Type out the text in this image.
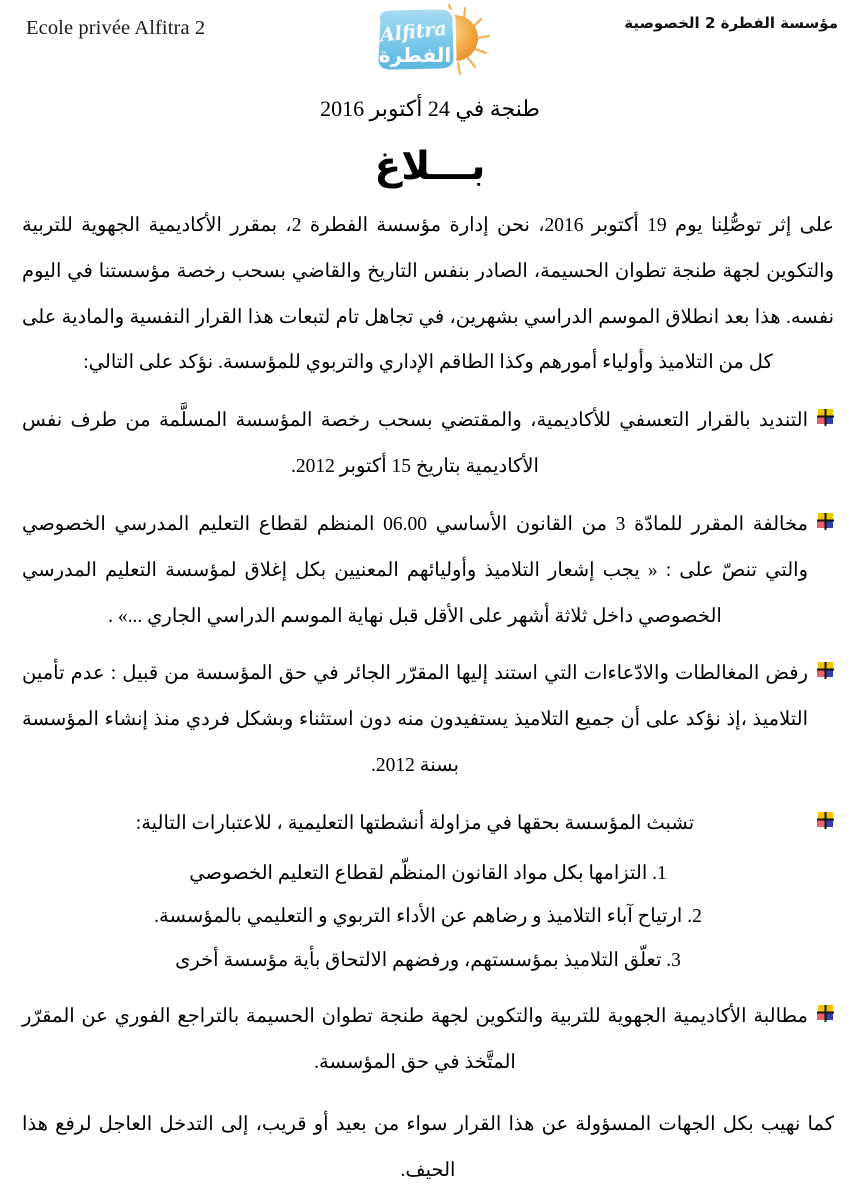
Ecole privée Alfitra 2	Alfitra
الفطرة
مؤسسة الفطرة 2 الخصوصية
طنجة في 24 أكتوبر 2016
بـــلاغ

على إثر توصُّلِنا يوم 19 أكتوبر 2016، نحن إدارة مؤسسة الفطرة 2، بمقرر الأكاديمية الجهوية للتربية والتكوين لجهة طنجة تطوان الحسيمة، الصادر بنفس التاريخ والقاضي بسحب رخصة مؤسستنا في اليوم نفسه. هذا بعد انطلاق الموسم الدراسي بشهرين، في تجاهل تام لتبعات هذا القرار النفسية والمادية على كل من التلاميذ وأولياء أمورهم وكذا الطاقم الإداري والتربوي للمؤسسة. نؤكد على التالي:

التنديد بالقرار التعسفي للأكاديمية، والمقتضي بسحب رخصة المؤسسة المسلَّمة من طرف نفس الأكاديمية بتاريخ 15 أكتوبر 2012.
مخالفة المقرر للمادّة 3 من القانون الأساسي 06.00 المنظم لقطاع التعليم المدرسي الخصوصي والتي تنصّ على : « يجب إشعار التلاميذ وأوليائهم المعنيين بكل إغلاق لمؤسسة التعليم المدرسي الخصوصي داخل ثلاثة أشهر على الأقل قبل نهاية الموسم الدراسي الجاري ...» .
رفض المغالطات والادّعاءات التي استند إليها المقرّر الجائر في حق المؤسسة من قبيل : عدم تأمين التلاميذ ،إذ نؤكد على أن جميع التلاميذ يستفيدون منه دون استثناء وبشكل فردي منذ إنشاء المؤسسة بسنة 2012.
تشبث المؤسسة بحقها في مزاولة أنشطتها التعليمية ، للاعتبارات التالية:
1. التزامها بكل مواد القانون المنظّم لقطاع التعليم الخصوصي
2. ارتياح آباء التلاميذ و رضاهم عن الأداء التربوي و التعليمي بالمؤسسة.
3. تعلّق التلاميذ بمؤسستهم، ورفضهم الالتحاق بأية مؤسسة أخرى
مطالبة الأكاديمية الجهوية للتربية والتكوين لجهة طنجة تطوان الحسيمة بالتراجع الفوري عن المقرّر المتَّخذ في حق المؤسسة.

كما نهيب بكل الجهات المسؤولة عن هذا القرار سواء من بعيد أو قريب، إلى التدخل العاجل لرفع هذا الحيف.
